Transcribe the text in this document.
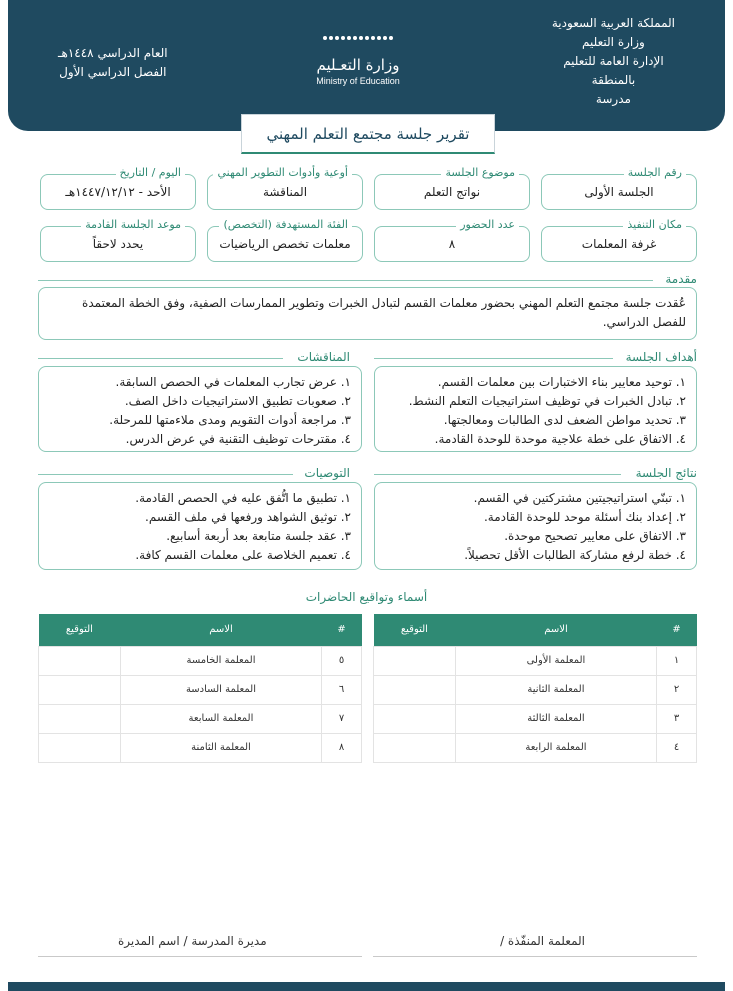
المملكة العربية السعودية
وزارة التعليم
الإدارة العامة للتعليم
بالمنطقة
مدرسة
وزارة التعـليم
Ministry of Education
العام الدراسي ١٤٤٨هـ
الفصل الدراسي الأول
تقرير جلسة مجتمع التعلم المهني
رقم الجلسة
الجلسة الأولى
موضوع الجلسة
نواتج التعلم
أوعية وأدوات التطوير المهني
المناقشة
اليوم / التاريخ
الأحد - ١٤٤٧/١٢/١٢هـ
مكان التنفيذ
غرفة المعلمات
عدد الحضور
٨
الفئة المستهدفة (التخصص)
معلمات تخصص الرياضيات
موعد الجلسة القادمة
يحدد لاحقاً
مقدمة
عُقدت جلسة مجتمع التعلم المهني بحضور معلمات القسم لتبادل الخبرات وتطوير الممارسات الصفية، وفق الخطة المعتمدة للفصل الدراسي.
أهداف الجلسة
١. توحيد معايير بناء الاختبارات بين معلمات القسم.
٢. تبادل الخبرات في توظيف استراتيجيات التعلم النشط.
٣. تحديد مواطن الضعف لدى الطالبات ومعالجتها.
٤. الاتفاق على خطة علاجية موحدة للوحدة القادمة.
المناقشات
١. عرض تجارب المعلمات في الحصص السابقة.
٢. صعوبات تطبيق الاستراتيجيات داخل الصف.
٣. مراجعة أدوات التقويم ومدى ملاءمتها للمرحلة.
٤. مقترحات توظيف التقنية في عرض الدرس.
نتائج الجلسة
١. تبنّي استراتيجيتين مشتركتين في القسم.
٢. إعداد بنك أسئلة موحد للوحدة القادمة.
٣. الاتفاق على معايير تصحيح موحدة.
٤. خطة لرفع مشاركة الطالبات الأقل تحصيلاً.
التوصيات
١. تطبيق ما اتُّفق عليه في الحصص القادمة.
٢. توثيق الشواهد ورفعها في ملف القسم.
٣. عقد جلسة متابعة بعد أربعة أسابيع.
٤. تعميم الخلاصة على معلمات القسم كافة.
أسماء وتواقيع الحاضرات
#	الاسم	التوقيع
١	المعلمة الأولى	
٢	المعلمة الثانية	
٣	المعلمة الثالثة	
٤	المعلمة الرابعة	
#	الاسم	التوقيع
٥	المعلمة الخامسة	
٦	المعلمة السادسة	
٧	المعلمة السابعة	
٨	المعلمة الثامنة	
المعلمة المنفّذة /
مديرة المدرسة / اسم المديرة
